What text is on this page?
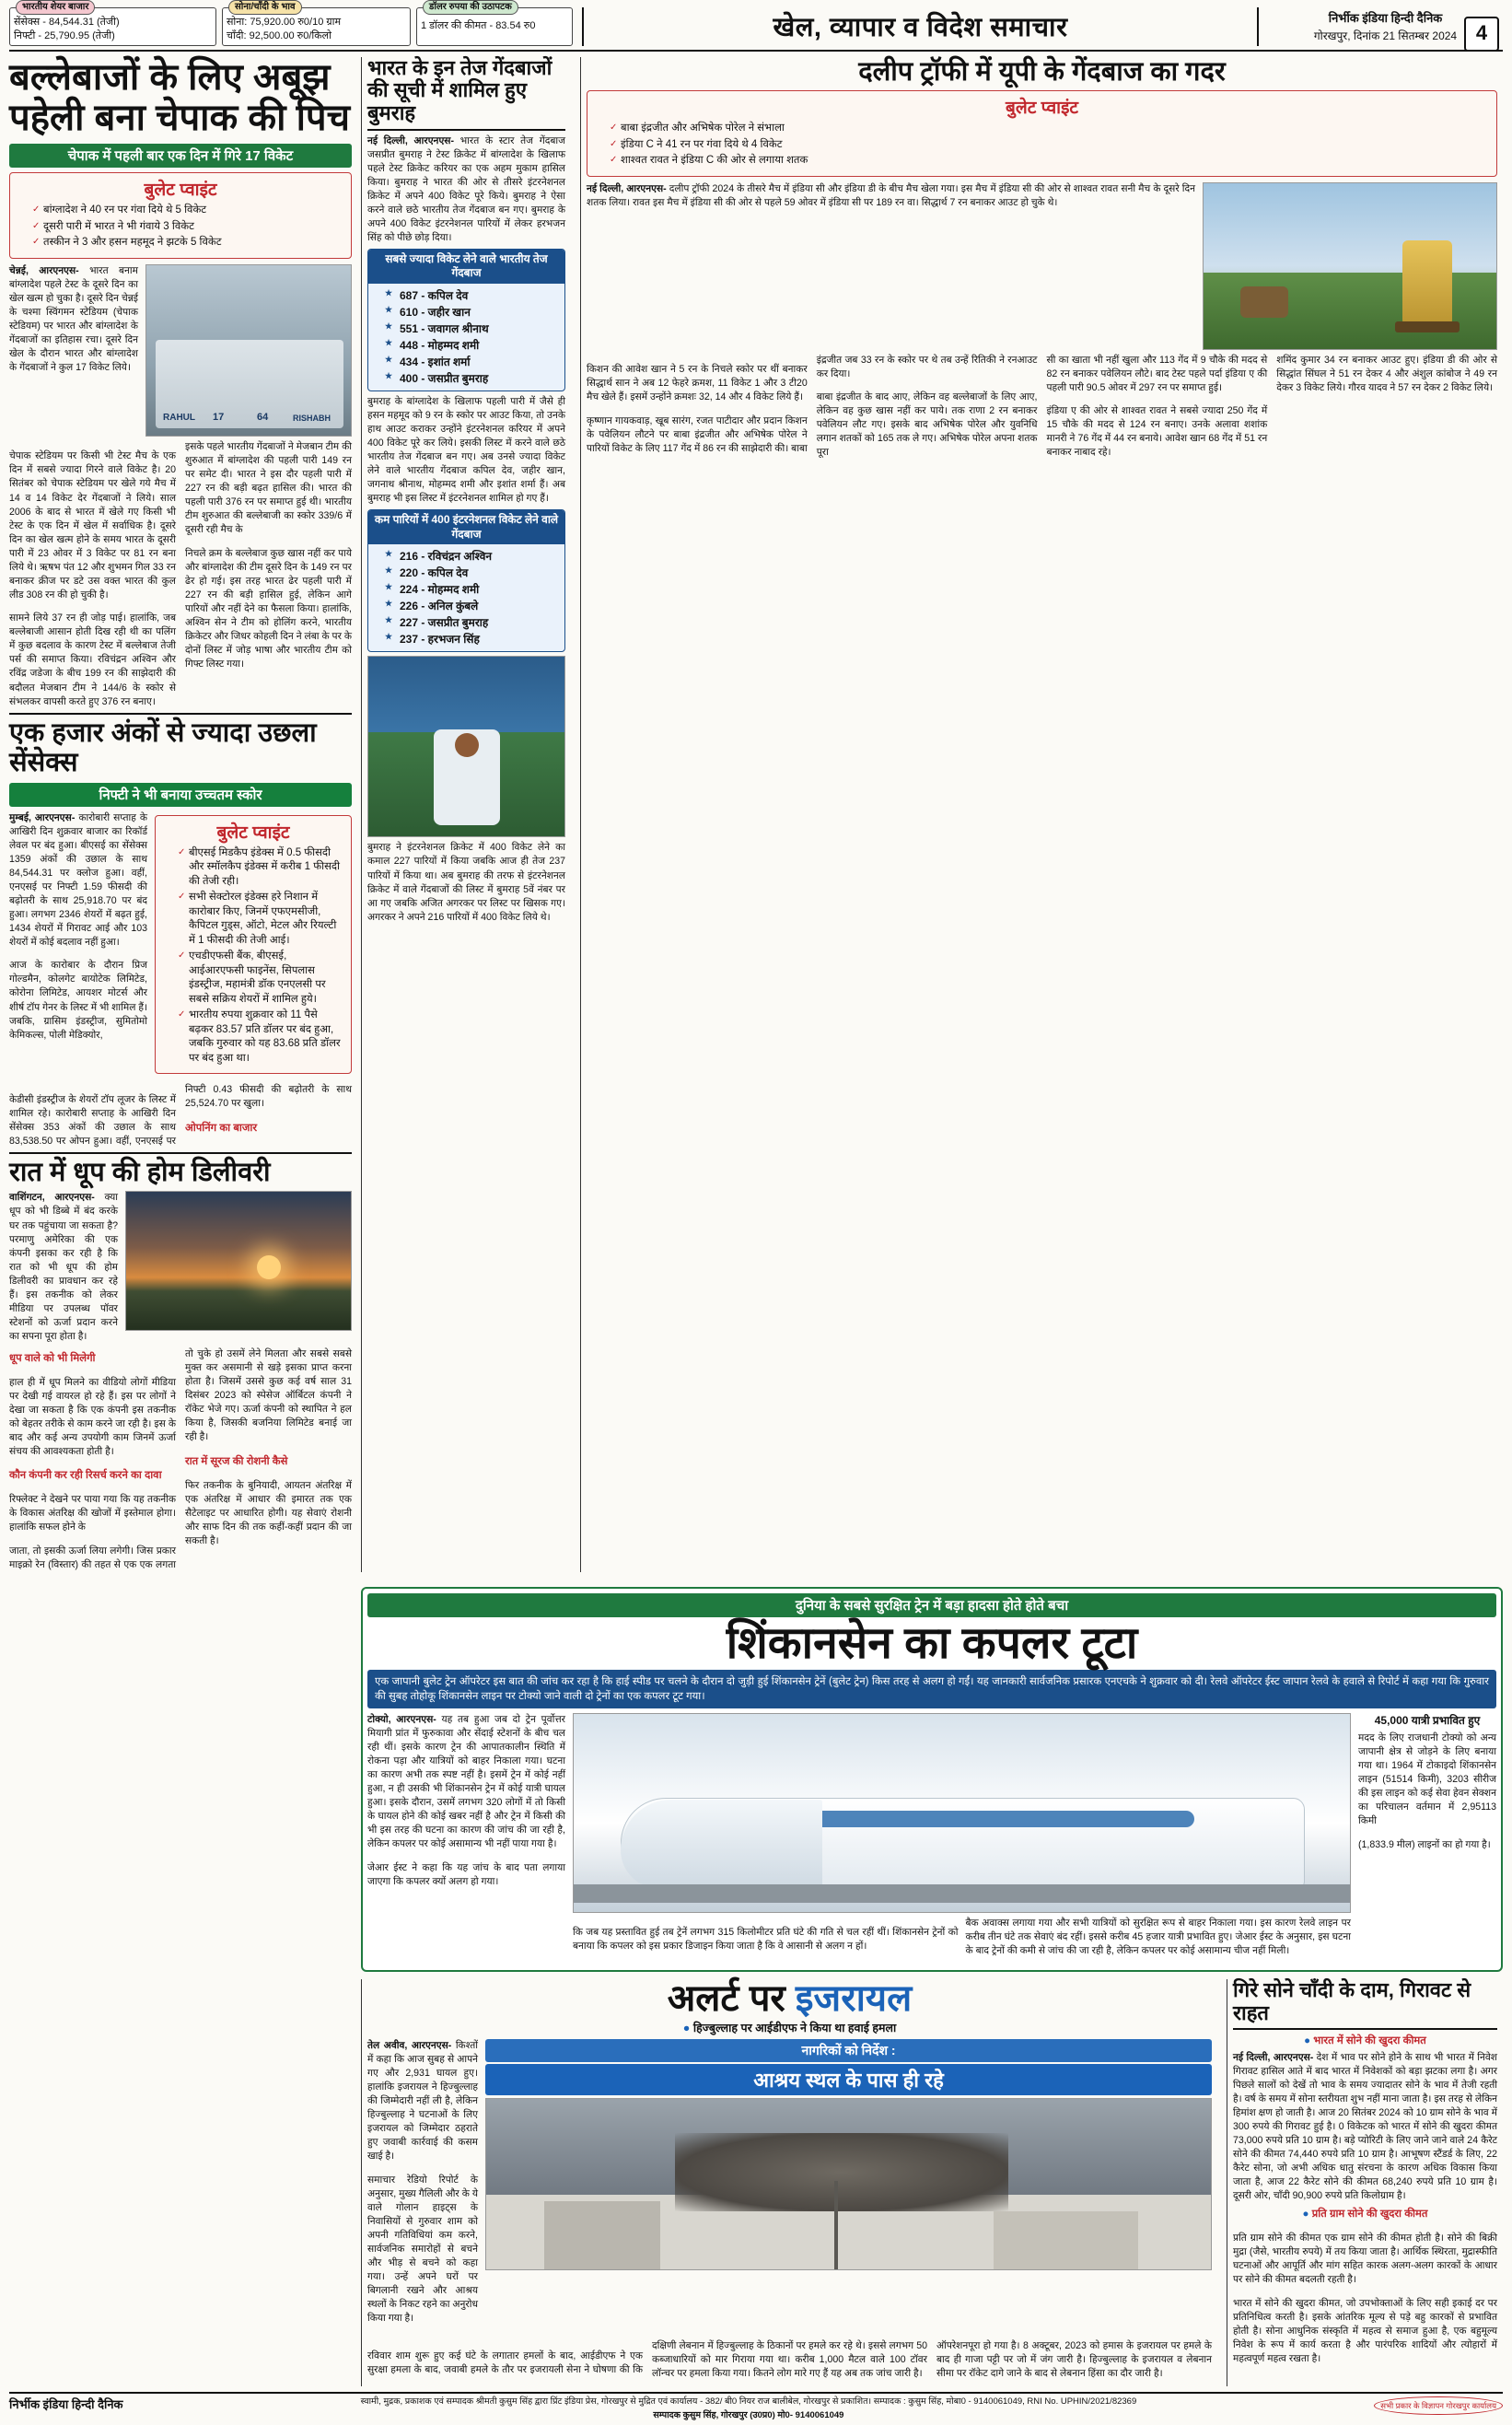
भारतीय शेयर बाजार
सेंसेक्स - 84,544.31 (तेजी)
निफ्टी - 25,790.95 (तेजी)
सोना/चाँदी के भाव
सोना: 75,920.00 रु0/10 ग्राम
चाँदी: 92,500.00 रु0/किलो
डॉलर रुपया की उठापटक
1 डॉलर की कीमत - 83.54 रु0	खेल, व्यापार व विदेश समाचार	निर्भीक इंडिया हिन्दी दैनिक
गोरखपुर, दिनांक 21 सितम्बर 2024 4
बल्लेबाजों के लिए अबूझ पहेली बना चेपाक की पिच
चेपाक में पहली बार एक दिन में गिरे 17 विकेट
बुलेट प्वाइंट
✓ बांग्लादेश ने 40 रन पर गंवा दिये थे 5 विकेट
✓ दूसरी पारी में भारत ने भी गंवाये 3 विकेट
✓ तस्कीन ने 3 और हसन महमूद ने झटके 5 विकेट
चेन्नई, आरएनएस- भारत बनाम बांग्लादेश पहले टेस्ट के दूसरे दिन का खेल खत्म हो चुका है। दूसरे दिन चेन्नई के चश्मा स्विंगमन स्टेडियम (चेपाक स्टेडियम) पर भारत और बांग्लादेश के गेंदबाजों का इतिहास रचा। दूसरे दिन खेल के दौरान भारत और बांग्लादेश के गेंदबाजों ने कुल 17 विकेट लिये।
RAHUL 17	64	RISHABH

चेपाक स्टेडियम पर किसी भी टेस्ट मैच के एक दिन में सबसे ज्यादा गिरने वाले विकेट है। 20 सितंबर को चेपाक स्टेडियम पर खेले गये मैच में 14 व 14 विकेट देर गेंदबाजों ने लिये। साल 2006 के बाद से भारत में खेले गए किसी भी टेस्ट के एक दिन में खेल में सर्वाधिक है। दूसरे दिन का खेल खत्म होने के समय भारत के दूसरी पारी में 23 ओवर में 3 विकेट पर 81 रन बना लिये थे। ऋषभ पंत 12 और शुभमन गिल 33 रन बनाकर क्रीज पर डटे उस वक्त भारत की कुल लीड 308 रन की हो चुकी है।

सामने लिये 37 रन ही जोड़ पाई। हालांकि, जब बल्लेबाजी आसान होती दिख रही थी का पलिंग में कुछ बदलाव के कारण टेस्ट में बल्लेबाज तेजी पर्स की समाप्त किया। रविचंद्रन अश्विन और रविंद्र जडेजा के बीच 199 रन की साझेदारी की बदौलत मेजबान टीम ने 144/6 के स्कोर से संभलकर वापसी करते हुए 376 रन बनाए।

इसके पहले भारतीय गेंदबाजों ने मेजबान टीम की शुरुआत में बांग्लादेश की पहली पारी 149 रन पर समेट दी। भारत ने इस दाैर पहली पारी में 227 रन की बड़ी बढ़त हासिल की। भारत की पहली पारी 376 रन पर समाप्त हुई थी। भारतीय टीम शुरुआत की बल्लेबाजी का स्कोर 339/6 में दूसरी रही मैच के

निचले क्रम के बल्लेबाज कुछ खास नहीं कर पाये और बांग्लादेश की टीम दूसरे दिन के 149 रन पर ढेर हो गई। इस तरह भारत ढेर पहली पारी में 227 रन की बड़ी हासिल हुई, लेकिन आगे पारियों और नहीं देने का फैसला किया। हालांकि, अश्विन सेन ने टीम को होलिंग करने, भारतीय क्रिकेटर और जिधर कोहली दिन ने लंबा के पर के दोनों लिस्ट में जोड़ भाषा और भारतीय टीम को गिफ्ट लिस्ट गया।

एक हजार अंकों से ज्यादा उछला सेंसेक्स
निफ्टी ने भी बनाया उच्चतम स्कोर
मुम्बई, आरएनएस- कारोबारी सप्ताह के आखिरी दिन शुक्रवार बाजार का रिकॉर्ड लेवल पर बंद हुआ। बीएसई का सेंसेक्स 1359 अंकों की उछाल के साथ 84,544.31 पर क्लोज हुआ। वहीं, एनएसई पर निफ्टी 1.59 फीसदी की बढ़ोतरी के साथ 25,918.70 पर बंद हुआ। लगभग 2346 शेयरों में बढ़त हुई, 1434 शेयरों में गिरावट आई और 103 शेयरों में कोई बदलाव नहीं हुआ।

आज के कारोबार के दौरान प्रिज गोल्डमैन, कोलगेट बायोटेक लिमिटेड, कोरोना लिमिटेड, आयशर मोटर्स और शीर्ष टॉप गेनर के लिस्ट में भी शामिल हैं। जबकि, ग्रासिम इंडस्ट्रीज, सुमितोमो केमिकल्स, पोली मेडिक्योर,

बुलेट प्वाइंट
✓ बीएसई मिडकैप इंडेक्स में 0.5 फीसदी और स्मॉलकैप इंडेक्स में करीब 1 फीसदी की तेजी रही।
✓ सभी सेक्टोरल इंडेक्स हरे निशान में कारोबार किए, जिनमें एफएमसीजी, कैपिटल गुड्स, ऑटो, मेटल और रियल्टी में 1 फीसदी की तेजी आई।
✓ एचडीएफसी बैंक, बीएसई, आईआरएफसी फाइनेंस, सिपलास इंडस्ट्रीज, महामंत्री डॉक एनएलसी पर सबसे सक्रिय शेयरों में शामिल हुये।
✓ भारतीय रुपया शुक्रवार को 11 पैसे बढ़कर 83.57 प्रति डॉलर पर बंद हुआ, जबकि गुरुवार को यह 83.68 प्रति डॉलर पर बंद हुआ था।

केडीसी इंडस्ट्रीज के शेयरों टॉप लूजर के लिस्ट में शामिल रहे। कारोबारी सप्ताह के आखिरी दिन सेंसेक्स 353 अंकों की उछाल के साथ 83,538.50 पर ओपन हुआ। वहीं, एनएसई पर निफ्टी 0.43 फीसदी की बढ़ोतरी के साथ 25,524.70 पर खुला।

ओपनिंग का बाजार

रात में धूप की होम डिलीवरी
वाशिंगटन, आरएनएस- क्या धूप को भी डिब्बे में बंद करके घर तक पहुंचाया जा सकता है? परमाणु अमेरिका की एक कंपनी इसका कर रही है कि रात को भी धूप की होम डिलीवरी का प्रावधान कर रहे हैं। इस तकनीक को लेकर मीडिया पर उपलब्ध पॉवर स्टेशनों को ऊर्जा प्रदान करने का सपना पूरा होता है।

धूप वाले को भी मिलेगी

हाल ही में धूप मिलने का वीडियो लोगों मीडिया पर देखी गई वायरल हो रहे हैं। इस पर लोगों ने देखा जा सकता है कि एक कंपनी इस तकनीक को बेहतर तरीके से काम करने जा रही है। इस के बाद और कई अन्य उपयोगी काम जिनमें ऊर्जा संचय की आवश्यकता होती है।

कौन कंपनी कर रही रिसर्च करने का दावा

रिफ्लेक्ट ने देखने पर पाया गया कि यह तकनीक के विकास अंतरिक्ष की खोजों में इस्तेमाल होगा। हालांकि सफल होने के

जाता, तो इसकी ऊर्जा लिया लगेगी। जिस प्रकार माइक्रो रेन (विस्तार) की तहत से एक एक लगता तो चुके हो उसमें लेने मिलता और सबसे सबसे मुक्त कर असमानी से खड़े इसका प्राप्त करना होता है। जिसमें उससे कुछ कई वर्ष साल 31 दिसंबर 2023 को स्पेसेज ऑर्बिटल कंपनी ने रॉकेट भेजे गए। ऊर्जा कंपनी को स्थापित ने हल किया है, जिसकी बजनिया लिमिटेड बनाई जा रही है।

रात में सूरज की रोशनी कैसे

फिर तकनीक के बुनियादी, आयतन अंतरिक्ष में एक अंतरिक्ष में आधार की इमारत तक एक सैटेलाइट पर आधारित होगी। यह सेवाएं रोशनी और साफ दिन की तक कहीं-कहीं प्रदान की जा सकती है।

भारत के इन तेज गेंदबाजों की सूची में शामिल हुए बुमराह
नई दिल्ली, आरएनएस- भारत के स्टार तेज गेंदबाज जसप्रीत बुमराह ने टेस्ट क्रिकेट में बांग्लादेश के खिलाफ पहले टेस्ट क्रिकेट करियर का एक अहम मुकाम हासिल किया। बुमराह ने भारत की ओर से तीसरे इंटरनेशनल क्रिकेट में अपने 400 विकेट पूरे किये। बुमराह ने ऐसा करने वाले छठे भारतीय तेज गेंदबाज बन गए। बुमराह के अपने 400 विकेट इंटरनेशनल पारियों में लेकर हरभजन सिंह को पीछे छोड़ दिया।
सबसे ज्यादा विकेट लेने वाले भारतीय तेज गेंदबाज
★ 687 - कपिल देव
★ 610 - जहीर खान
★ 551 - जवागल श्रीनाथ
★ 448 - मोहम्मद शमी
★ 434 - इशांत शर्मा
★ 400 - जसप्रीत बुमराह
बुमराह के बांग्लादेश के खिलाफ पहली पारी में जैसे ही हसन महमूद को 9 रन के स्कोर पर आउट किया, तो उनके हाथ आउट कराकर उन्होंने इंटरनेशनल करियर में अपने 400 विकेट पूरे कर लिये। इसकी लिस्ट में करने वाले छठे भारतीय तेज गेंदबाज बन गए। अब उनसे ज्यादा विकेट लेने वाले भारतीय गेंदबाज कपिल देव, जहीर खान, जगनाथ श्रीनाथ, मोहम्मद शमी और इशांत शर्मा हैं। अब बुमराह भी इस लिस्ट में इंटरनेशनल शामिल हो गए हैं।
कम पारियों में 400 इंटरनेशनल विकेट लेने वाले गेंदबाज
★ 216 - रविचंद्रन अश्विन
★ 220 - कपिल देव
★ 224 - मोहम्मद शमी
★ 226 - अनिल कुंबले
★ 227 - जसप्रीत बुमराह
★ 237 - हरभजन सिंह
बुमराह ने इंटरनेशनल क्रिकेट में 400 विकेट लेने का कमाल 227 पारियों में किया जबकि आज ही तेज 237 पारियों में किया था। अब बुमराह की तरफ से इंटरनेशनल क्रिकेट में वाले गेंदबाजों की लिस्ट में बुमराह 5वें नंबर पर आ गए जबकि अजित अगरकर पर लिस्ट पर खिसक गए। अगरकर ने अपने 216 पारियों में 400 विकेट लिये थे।
दलीप ट्रॉफी में यूपी के गेंदबाज का गदर
बुलेट प्वाइंट
✓ बाबा इंद्रजीत और अभिषेक पोरेल ने संभाला
✓ इंडिया C ने 41 रन पर गंवा दिये थे 4 विकेट
✓ शाश्वत रावत ने इंडिया C की ओर से लगाया शतक
नई दिल्ली, आरएनएस- दलीप ट्रॉफी 2024 के तीसरे मैच में इंडिया सी और इंडिया डी के बीच मैच खेला गया। इस मैच में इंडिया सी की ओर से शाश्वत रावत सनी मैच के दूसरे दिन शतक लिया। रावत इस मैच में इंडिया सी की ओर से पहले 59 ओवर में इंडिया सी पर 189 रन वा। सिद्धार्थ 7 रन बनाकर आउट हो चुके थे।

किशन की आवेश खान ने 5 रन के निचले स्कोर पर थीं बनाकर सिद्धार्थ सान ने अब 12 फेहरे क्रमश, 11 विकेट 1 और 3 टी20 मैच खेले हैं। इसमें उन्होंने क्रमशः 32, 14 और 4 विकेट लिये हैं।

कृष्णान गायकवाड़, खूब सारंग, रजत पाटीदार और प्रदान किशन के पवेलियन लौटने पर बाबा इंद्रजीत और अभिषेक पोरेल ने पारियों विकेट के लिए 117 गेंद में 86 रन की साझेदारी की। बाबा इंद्रजीत जब 33 रन के स्कोर पर थे तब उन्हें रितिकी ने रनआउट कर दिया।

बाबा इंद्रजीत के बाद आए, लेकिन वह बल्लेबाजों के लिए आए, लेकिन वह कुछ खास नहीं कर पाये। तक राणा 2 रन बनाकर पवेलियन लौट गए। इसके बाद अभिषेक पोरेल और युवनिधि लगान शतकों को 165 तक ले गए। अभिषेक पोरेल अपना शतक पूरा

सी का खाता भी नहीं खुला और 113 गेंद में 9 चौके की मदद से 82 रन बनाकर पवेलियन लौटे। बाद टेस्ट पहले पर्दा इंडिया ए की पहली पारी 90.5 ओवर में 297 रन पर समाप्त हुई।

इंडिया ए की ओर से शाश्वत रावत ने सबसे ज्यादा 250 गेंद में 15 चौके की मदद से 124 रन बनाए। उनके अलावा शशांक मानरी ने 76 गेंद में 44 रन बनाये। आवेश खान 68 गेंद में 51 रन बनाकर नाबाद रहे।

शमिंद कुमार 34 रन बनाकर आउट हुए। इंडिया डी की ओर से सिद्धांत सिंघल ने 51 रन देकर 4 और अंशुल कांबोज ने 49 रन देकर 3 विकेट लिये। गौरव यादव ने 57 रन देकर 2 विकेट लिये।

दुनिया के सबसे सुरक्षित ट्रेन में बड़ा हादसा होते होते बचा
शिंकानसेन का कपलर टूटा
एक जापानी बुलेट ट्रेन ऑपरेटर इस बात की जांच कर रहा है कि हाई स्पीड पर चलने के दौरान दो जुड़ी हुई शिंकानसेन ट्रेनें (बुलेट ट्रेन) किस तरह से अलग हो गईं। यह जानकारी सार्वजनिक प्रसारक एनएचके ने शुक्रवार को दी। रेलवे ऑपरेटर ईस्ट जापान रेलवे के हवाले से रिपोर्ट में कहा गया कि गुरुवार की सुबह तोहोकू शिंकानसेन लाइन पर टोक्यो जाने वाली दो ट्रेनों का एक कपलर टूट गया।
टोक्यो, आरएनएस- यह तब हुआ जब दो ट्रेन पूर्वोत्तर मियागी प्रांत में फुरुकावा और सेंदाई स्टेशनों के बीच चल रही थीं। इसके कारण ट्रेन की आपातकालीन स्थिति में रोकना पड़ा और यात्रियों को बाहर निकाला गया। घटना का कारण अभी तक स्पष्ट नहीं है। इसमें ट्रेन में कोई नहीं हुआ, न ही उसकी भी शिंकानसेन ट्रेन में कोई यात्री घायल हुआ। इसके दौरान, उसमें लगभग 320 लोगों में तो किसी के घायल होने की कोई खबर नहीं है और ट्रेन में किसी की भी इस तरह की घटना का कारण की जांच की जा रही है, लेकिन कपलर पर कोई असामान्य भी नहीं पाया गया है।

जेआर ईस्ट ने कहा कि यह जांच के बाद पता लगाया जाएगा कि कपलर क्यों अलग हो गया।

कि जब यह प्रस्तावित हुई तब ट्रेनें लगभग 315 किलोमीटर प्रति घंटे की गति से चल रहीं थीं। शिंकानसेन ट्रेनों को बनाया कि कपलर को इस प्रकार डिजाइन किया जाता है कि वे आसानी से अलग न हों।

बैक अवाक्स लगाया गया और सभी यात्रियों को सुरक्षित रूप से बाहर निकाला गया। इस कारण रेलवे लाइन पर करीब तीन घंटे तक सेवाएं बंद रहीं। इससे करीब 45 हजार यात्री प्रभावित हुए। जेआर ईस्ट के अनुसार, इस घटना के बाद ट्रेनों की कमी से जांच की जा रही है, लेकिन कपलर पर कोई असामान्य चीज नहीं मिली।

45,000 यात्री प्रभावित हुए
मदद के लिए राजधानी टोक्यो को अन्य जापानी क्षेत्र से जोड़ने के लिए बनाया गया था। 1964 में टोकाइदो शिंकानसेन लाइन (51514 किमी), 3203 सीरीज की इस लाइन को कई सेवा हेवन सेक्शन का परिचालन वर्तमान में 2,95113 किमी

(1,833.9 मील) लाइनों का हो गया है।

अलर्ट पर इजरायल
● हिज्बुल्लाह पर आईडीएफ ने किया था हवाई हमला
तेल अवीव, आरएनएस- किश्तों में कहा कि आज सुबह से आपने गए और 2,931 घायल हुए। हालांकि इजरायल ने हिज्बुल्लाह की जिम्मेदारी नहीं ली है, लेकिन हिज्बुल्लाह ने घटनाओं के लिए इजरायल को जिम्मेदार ठहराते हुए जवाबी कार्रवाई की कसम खाई है।

समाचार रेडियो रिपोर्ट के अनुसार, मुख्य गैलिली और के ये वाले गोलान हाइट्स के निवासियों से गुरुवार शाम को अपनी गतिविधियां कम करने, सार्वजनिक समारोहों से बचने और भीड़ से बचने को कहा गया। उन्हें अपने घरों पर बिगलानी रखने और आश्रय स्थलों के निकट रहने का अनुरोध किया गया है।

नागरिकों को निर्देश :
आश्रय स्थल के पास ही रहे

रविवार शाम शुरू हुए कई घंटे के लगातार हमलों के बाद, आईडीएफ ने एक सुरक्षा हमला के बाद, जवाबी हमले के तौर पर इजरायली सेना ने घोषणा की कि दक्षिणी लेबनान में हिज्बुल्लाह के ठिकानों पर हमले कर रहे थे। इससे लगभग 50 कब्जाधारियों को मार गिराया गया था। करीब 1,000 मैटल वाले 100 टॉवर लॉन्चर पर हमला किया गया। कितने लोग मारे गए हैं यह अब तक जांच जारी है।

ऑपरेशनपूरा हो गया है। 8 अक्टूबर, 2023 को हमास के इजरायल पर हमले के बाद ही गाजा पट्टी पर जो में जंग जारी है। हिज्बुल्लाह के इजरायल व लेबनान सीमा पर रॉकेट दागे जाने के बाद से लेबनान हिंसा का दौर जारी है।

गिरे सोने चाँदी के दाम, गिरावट से राहत
● भारत में सोने की खुदरा कीमत
नई दिल्ली, आरएनएस- देश में भाव पर सोने होने के साथ भी भारत में निवेश गिरावट हासिल आते में बाद भारत में निवेशकों को बड़ा झटका लगा है। अगर पिछले सालों को देखें तो भाव के समय ज्यादातर सोने के भाव में तेजी रहती है। वर्ष के समय में सोना स्तरीयता शुभ नहीं माना जाता है। इस तरह से लेकिन हिमांश क्षण हो जाती है। आज 20 सितंबर 2024 को 10 ग्राम सोने के भाव में 300 रुपये की गिरावट हुई है। 0 विकेटक को भारत में सोने की खुदरा कीमत 73,000 रुपये प्रति 10 ग्राम है। बड़े प्योरिटी के लिए जाने जाने वाले 24 कैरेट सोने की कीमत 74,440 रुपये प्रति 10 ग्राम है। आभूषण स्टैंडर्ड के लिए, 22 कैरेट सोना, जो अभी अधिक धातु संरचना के कारण अधिक विकास किया जाता है, आज 22 कैरेट सोने की कीमत 68,240 रुपये प्रति 10 ग्राम है। दूसरी ओर, चाँदी 90,900 रुपये प्रति किलोग्राम है।
● प्रति ग्राम सोने की खुदरा कीमत

प्रति ग्राम सोने की कीमत एक ग्राम सोने की कीमत होती है। सोने की बिक्री मुद्रा (जैसे, भारतीय रुपये) में तय किया जाता है। आर्थिक स्थिरता, मुद्रास्फीति घटनाओं और आपूर्ति और मांग सहित कारक अलग-अलग कारकों के आधार पर सोने की कीमत बदलती रहती है।

भारत में सोने की खुदरा कीमत, जो उपभोक्ताओं के लिए सही इकाई दर पर प्रतिनिधित्व करती है। इसके आंतरिक मूल्य से पड़े बहु कारकों से प्रभावित होती है। सोना आधुनिक संस्कृति में महत्व से समाज हुआ है, एक बहुमूल्य निवेश के रूप में कार्य करता है और पारंपरिक शादियों और त्योहारों में महत्वपूर्ण महत्व रखता है।

निर्भीक इंडिया हिन्दी दैनिक	स्वामी, मुद्रक, प्रकाशक एवं सम्पादक श्रीमती कुसुम सिंह द्वारा प्रिंट इंडिया प्रेस, गोरखपुर से मुद्रित एवं कार्यालय - 382/ बी0 नियर राज बालीबेल, गोरखपुर से प्रकाशित। सम्पादक : कुसुम सिंह, मोबा0 - 9140061049, RNI No. UPHIN/2021/82369
सम्पादक कुसुम सिंह, गोरखपुर (उ0प्र0) मो0- 9140061049
सभी प्रकार के विज्ञापन गोरखपुर कार्यालय
